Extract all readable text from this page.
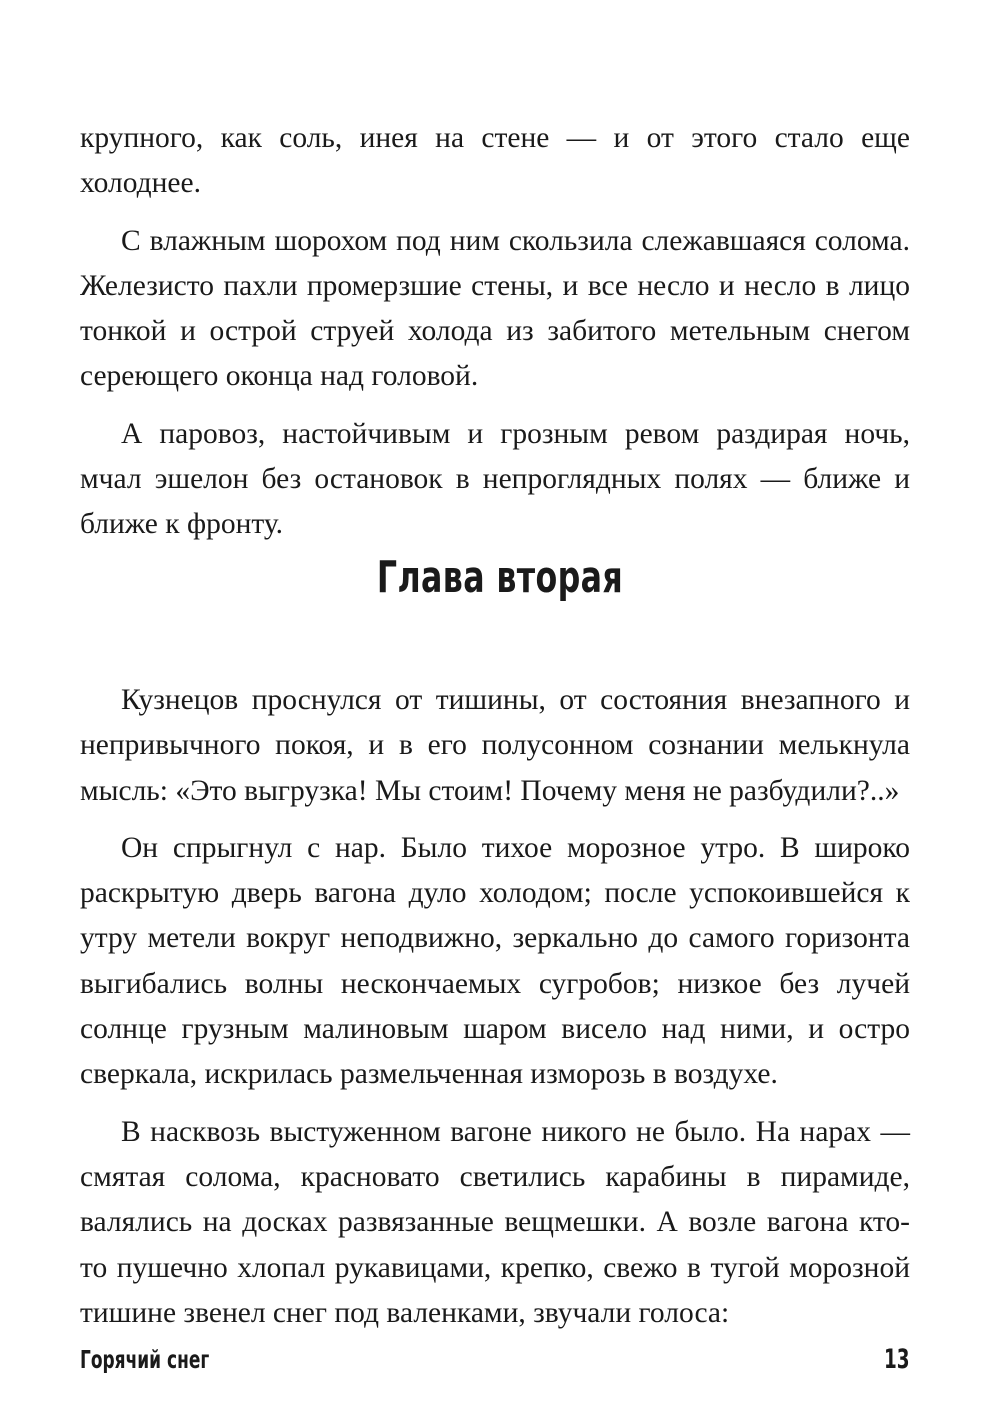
крупного, как соль, инея на стене — и от этого стало еще холоднее.

С влажным шорохом под ним скользила слежавшаяся солома. Железисто пахли промерзшие стены, и все несло и несло в лицо тонкой и острой струей холода из забитого метельным снегом сереющего оконца над головой.

А паровоз, настойчивым и грозным ревом раздирая ночь, мчал эшелон без остановок в непроглядных полях — ближе и ближе к фронту.

Глава вторая

Кузнецов проснулся от тишины, от состояния внезапного и непривычного покоя, и в его полусонном сознании мелькнула мысль: «Это выгрузка! Мы стоим! Почему меня не разбудили?..»

Он спрыгнул с нар. Было тихое морозное утро. В широко раскрытую дверь вагона дуло холодом; после успокоившейся к утру метели вокруг неподвижно, зеркально до самого горизонта выгибались волны нескончаемых сугробов; низкое без лучей солнце грузным малиновым шаром висело над ними, и остро сверкала, искрилась размельченная изморозь в воздухе.

В насквозь выстуженном вагоне никого не было. На нарах — смятая солома, красновато светились карабины в пирамиде, валялись на досках развязанные вещмешки. А возле вагона кто-то пушечно хлопал рукавицами, крепко, свежо в тугой морозной тишине звенел снег под валенками, звучали голоса:

Горячий снег	13
